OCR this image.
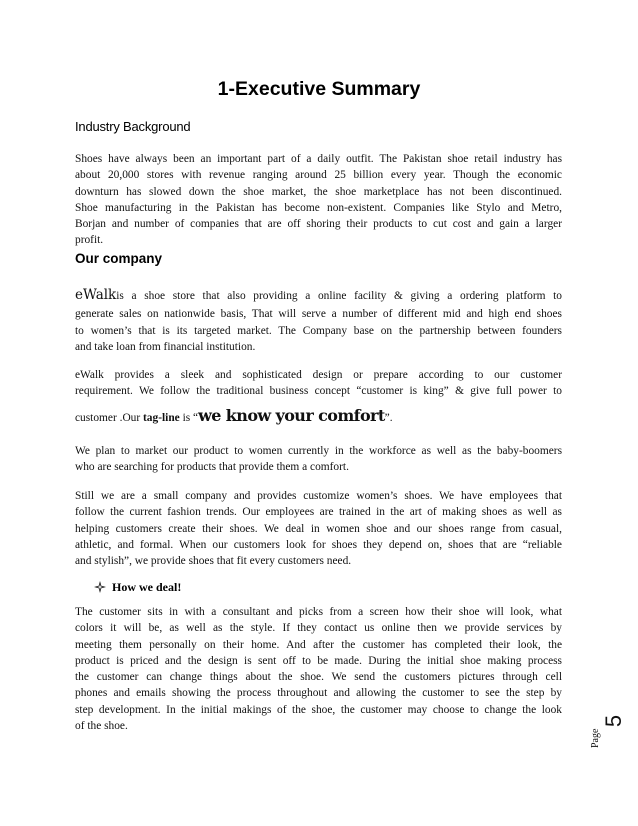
1-Executive Summary
Industry Background
Shoes have always been an important part of a daily outfit. The Pakistan shoe retail industry has
about 20,000 stores with revenue ranging around 25 billion every year. Though the economic
downturn has slowed down the shoe market, the shoe marketplace has not been discontinued.
Shoe manufacturing in the Pakistan has become non-existent. Companies like Stylo and Metro,
Borjan and number of companies that are off shoring their products to cut cost and gain a larger
profit.
Our company
eWalkis a shoe store that also providing a online facility & giving a ordering platform to
generate sales on nationwide basis, That will serve a number of different mid and high end shoes
to women’s that is its targeted market. The Company base on the partnership between founders
and take loan from financial institution.
eWalk provides a sleek and sophisticated design or prepare according to our customer
requirement. We follow the traditional business concept “customer is king” & give full power to
customer .Our tag-line is “we know your comfort”.
We plan to market our product to women currently in the workforce as well as the baby-boomers
who are searching for products that provide them a comfort.
Still we are a small company and provides customize women’s shoes. We have employees that
follow the current fashion trends. Our employees are trained in the art of making shoes as well as
helping customers create their shoes. We deal in women shoe and our shoes range from casual,
athletic, and formal. When our customers look for shoes they depend on, shoes that are “reliable
and stylish”, we provide shoes that fit every customers need.
How we deal!
The customer sits in with a consultant and picks from a screen how their shoe will look, what
colors it will be, as well as the style. If they contact us online then we provide services by
meeting them personally on their home. And after the customer has completed their look, the
product is priced and the design is sent off to be made. During the initial shoe making process
the customer can change things about the shoe. We send the customers pictures through cell
phones and emails showing the process throughout and allowing the customer to see the step by
step development. In the initial makings of the shoe, the customer may choose to change the look
of the shoe.	5
Page
